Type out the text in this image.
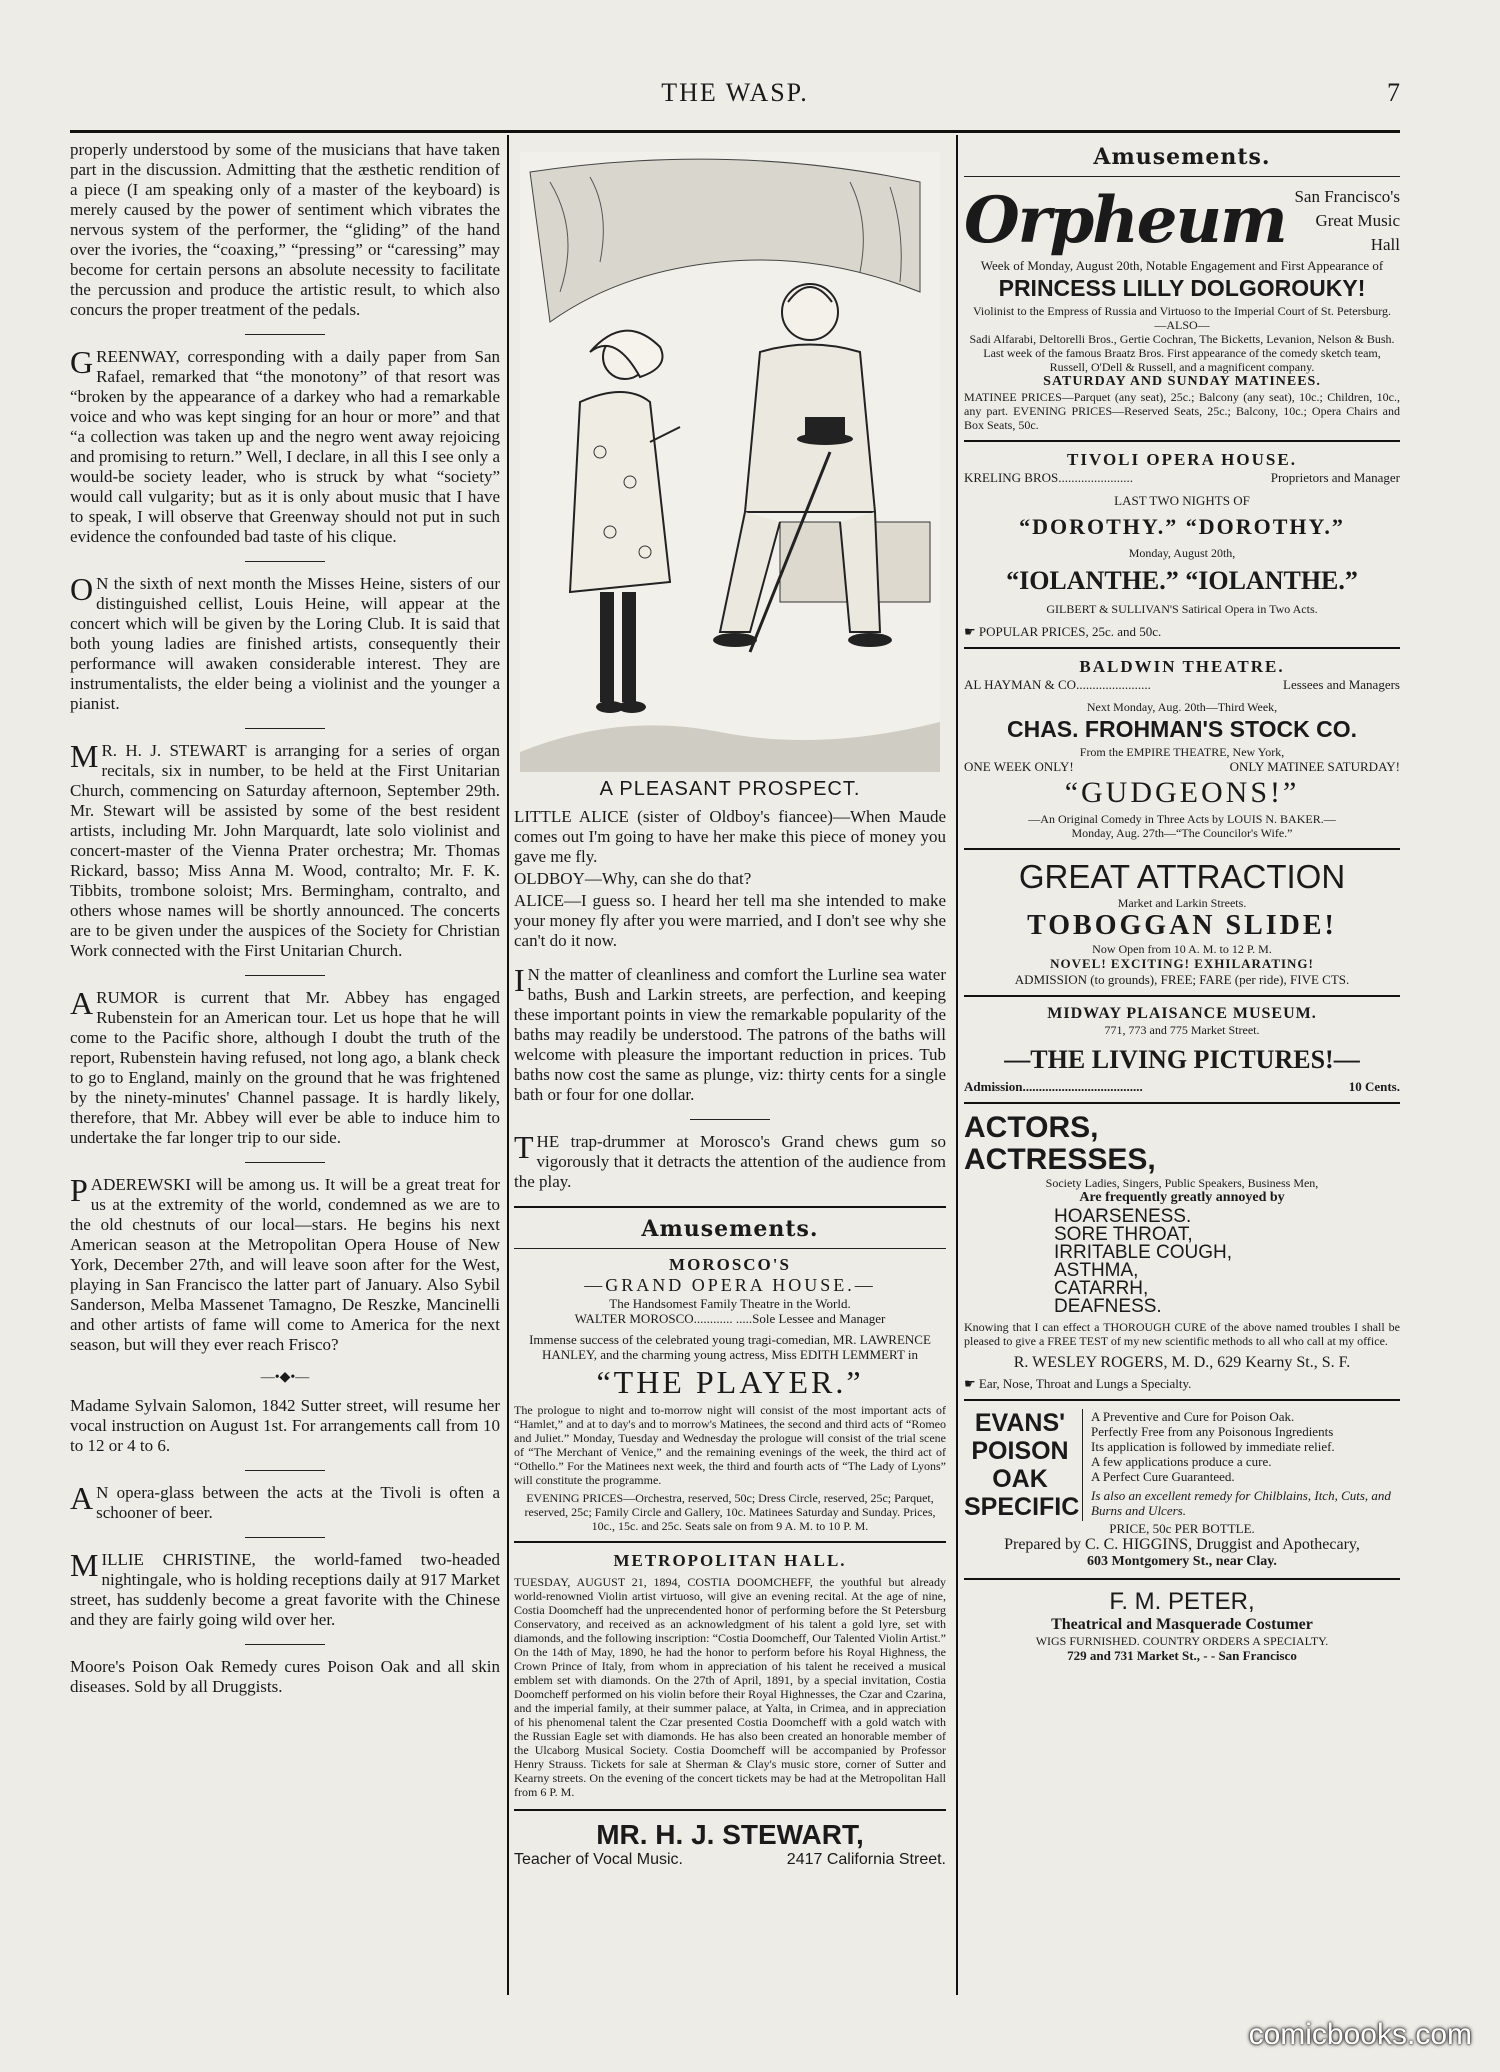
THE WASP.	7

properly understood by some of the musicians that have taken part in the discussion. Admitting that the æsthetic rendition of a piece (I am speaking only of a master of the keyboard) is merely caused by the power of sentiment which vibrates the nervous system of the performer, the “gliding” of the hand over the ivories, the “coaxing,” “pressing” or “caressing” may become for certain persons an absolute necessity to facilitate the percussion and produce the artistic result, to which also concurs the proper treatment of the pedals.

GREENWAY, corresponding with a daily paper from San Rafael, remarked that “the monotony” of that resort was “broken by the appearance of a darkey who had a remarkable voice and who was kept singing for an hour or more” and that “a collection was taken up and the negro went away rejoicing and promising to return.” Well, I declare, in all this I see only a would-be society leader, who is struck by what “society” would call vulgarity; but as it is only about music that I have to speak, I will observe that Greenway should not put in such evidence the confounded bad taste of his clique.

O N the sixth of next month the Misses Heine, sisters of our distinguished cellist, Louis Heine, will appear at the concert which will be given by the Loring Club. It is said that both young ladies are finished artists, consequently their performance will awaken considerable interest. They are instrumentalists, the elder being a violinist and the younger a pianist.

M R. H. J. STEWART is arranging for a series of organ recitals, six in number, to be held at the First Unitarian Church, commencing on Saturday afternoon, September 29th. Mr. Stewart will be assisted by some of the best resident artists, including Mr. John Marquardt, late solo violinist and concert-master of the Vienna Prater orchestra; Mr. Thomas Rickard, basso; Miss Anna M. Wood, contralto; Mr. F. K. Tibbits, trombone soloist; Mrs. Bermingham, contralto, and others whose names will be shortly announced. The concerts are to be given under the auspices of the Society for Christian Work connected with the First Unitarian Church.

ARUMOR is current that Mr. Abbey has engaged Rubenstein for an American tour. Let us hope that he will come to the Pacific shore, although I doubt the truth of the report, Rubenstein having refused, not long ago, a blank check to go to England, mainly on the ground that he was frightened by the ninety-minutes' Channel passage. It is hardly likely, therefore, that Mr. Abbey will ever be able to induce him to undertake the far longer trip to our side.

PADEREWSKI will be among us. It will be a great treat for us at the extremity of the world, condemned as we are to the old chestnuts of our local—stars. He begins his next American season at the Metropolitan Opera House of New York, December 27th, and will leave soon after for the West, playing in San Francisco the latter part of January. Also Sybil Sanderson, Melba Massenet Tamagno, De Reszke, Mancinelli and other artists of fame will come to America for the next season, but will they ever reach Frisco?

—•◆•—

Madame Sylvain Salomon, 1842 Sutter street, will resume her vocal instruction on August 1st. For arrangements call from 10 to 12 or 4 to 6.

A N opera-glass between the acts at the Tivoli is often a schooner of beer.

MILLIE CHRISTINE, the world-famed two-headed nightingale, who is holding receptions daily at 917 Market street, has suddenly become a great favorite with the Chinese and they are fairly going wild over her.

Moore's Poison Oak Remedy cures Poison Oak and all skin diseases. Sold by all Druggists.

A PLEASANT PROSPECT.

LITTLE ALICE (sister of Oldboy's fiancee)—When Maude comes out I'm going to have her make this piece of money you gave me fly.

OLDBOY—Why, can she do that?

ALICE—I guess so. I heard her tell ma she intended to make your money fly after you were married, and I don't see why she can't do it now.

I N the matter of cleanliness and comfort the Lurline sea water baths, Bush and Larkin streets, are perfection, and keeping these important points in view the remarkable popularity of the baths may readily be understood. The patrons of the baths will welcome with pleasure the important reduction in prices. Tub baths now cost the same as plunge, viz: thirty cents for a single bath or four for one dollar.

THE trap-drummer at Morosco's Grand chews gum so vigorously that it detracts the attention of the audience from the play.

Amusements.
MOROSCO'S
—GRAND OPERA HOUSE.—
The Handsomest Family Theatre in the World.
WALTER MOROSCO............ .....Sole Lessee and Manager
Immense success of the celebrated young tragi-comedian, MR. LAWRENCE HANLEY, and the charming young actress, Miss EDITH LEMMERT in
“THE PLAYER.”
The prologue to night and to-morrow night will consist of the most important acts of “Hamlet,” and at to day's and to morrow's Matinees, the second and third acts of “Romeo and Juliet.” Monday, Tuesday and Wednesday the prologue will consist of the trial scene of “The Merchant of Venice,” and the remaining evenings of the week, the third act of “Othello.” For the Matinees next week, the third and fourth acts of “The Lady of Lyons” will constitute the programme.
EVENING PRICES—Orchestra, reserved, 50c; Dress Circle, reserved, 25c; Parquet, reserved, 25c; Family Circle and Gallery, 10c. Matinees Saturday and Sunday. Prices, 10c., 15c. and 25c. Seats sale on from 9 A. M. to 10 P. M.
METROPOLITAN HALL.
TUESDAY, AUGUST 21, 1894, COSTIA DOOMCHEFF, the youthful but already world-renowned Violin artist virtuoso, will give an evening recital. At the age of nine, Costia Doomcheff had the unprecendented honor of performing before the St Petersburg Conservatory, and received as an acknowledgment of his talent a gold lyre, set with diamonds, and the following inscription: “Costia Doomcheff, Our Talented Violin Artist.” On the 14th of May, 1890, he had the honor to perform before his Royal Highness, the Crown Prince of Italy, from whom in appreciation of his talent he received a musical emblem set with diamonds. On the 27th of April, 1891, by a special invitation, Costia Doomcheff performed on his violin before their Royal Highnesses, the Czar and Czarina, and the imperial family, at their summer palace, at Yalta, in Crimea, and in appreciation of his phenomenal talent the Czar presented Costia Doomcheff with a gold watch with the Russian Eagle set with diamonds. He has also been created an honorable member of the Ulcaborg Musical Society. Costia Doomcheff will be accompanied by Professor Henry Strauss. Tickets for sale at Sherman & Clay's music store, corner of Sutter and Kearny streets. On the evening of the concert tickets may be had at the Metropolitan Hall from 6 P. M.
MR. H. J. STEWART,
Teacher of Vocal Music.	2417 California Street.
Amusements.
Orpheum San Francisco's
Great Music Hall
Week of Monday, August 20th, Notable Engagement and First Appearance of
PRINCESS LILLY DOLGOROUKY!
Violinist to the Empress of Russia and Virtuoso to the Imperial Court of St. Petersburg.
—ALSO—
Sadi Alfarabi, Deltorelli Bros., Gertie Cochran, The Bicketts, Levanion, Nelson & Bush. Last week of the famous Braatz Bros. First appearance of the comedy sketch team, Russell, O'Dell & Russell, and a magnificent company.
SATURDAY AND SUNDAY MATINEES.
MATINEE PRICES—Parquet (any seat), 25c.; Balcony (any seat), 10c.; Children, 10c., any part. EVENING PRICES—Reserved Seats, 25c.; Balcony, 10c.; Opera Chairs and Box Seats, 50c.
TIVOLI OPERA HOUSE.
KRELING BROS.......................	Proprietors and Manager
LAST TWO NIGHTS OF
“DOROTHY.” “DOROTHY.”
Monday, August 20th,
“IOLANTHE.” “IOLANTHE.”
GILBERT & SULLIVAN'S Satirical Opera in Two Acts.
☛ POPULAR PRICES, 25c. and 50c.
BALDWIN THEATRE.
AL HAYMAN & CO.......................	Lessees and Managers
Next Monday, Aug. 20th—Third Week,
CHAS. FROHMAN'S STOCK CO.
From the EMPIRE THEATRE, New York,
ONE WEEK ONLY!	ONLY MATINEE SATURDAY!
“GUDGEONS!”
—An Original Comedy in Three Acts by LOUIS N. BAKER.—
Monday, Aug. 27th—“The Councilor's Wife.”
GREAT ATTRACTION
Market and Larkin Streets.
TOBOGGAN SLIDE!
Now Open from 10 A. M. to 12 P. M.
NOVEL! EXCITING! EXHILARATING!
ADMISSION (to grounds), FREE; FARE (per ride), FIVE CTS.
MIDWAY PLAISANCE MUSEUM.
771, 773 and 775 Market Street.
—THE LIVING PICTURES!—
Admission.....................................	10 Cents.
ACTORS,
ACTRESSES,
Society Ladies, Singers, Public Speakers, Business Men,
Are frequently greatly annoyed by
HOARSENESS.
SORE THROAT,
IRRITABLE COUGH,
ASTHMA,
CATARRH,
DEAFNESS.
Knowing that I can effect a THOROUGH CURE of the above named troubles I shall be pleased to give a FREE TEST of my new scientific methods to all who call at my office.
R. WESLEY ROGERS, M. D., 629 Kearny St., S. F.
☛ Ear, Nose, Throat and Lungs a Specialty.
EVANS' POISON OAK SPECIFIC
A Preventive and Cure for Poison Oak.
Perfectly Free from any Poisonous Ingredients
Its application is followed by immediate relief.
A few applications produce a cure.
A Perfect Cure Guaranteed.
Is also an excellent remedy for Chilblains, Itch, Cuts, and Burns and Ulcers.
PRICE, 50c PER BOTTLE.
Prepared by C. C. HIGGINS, Druggist and Apothecary,
603 Montgomery St., near Clay.
F. M. PETER,
Theatrical and Masquerade Costumer
WIGS FURNISHED. COUNTRY ORDERS A SPECIALTY.
729 and 731 Market St., - - San Francisco
comicbooks.com
